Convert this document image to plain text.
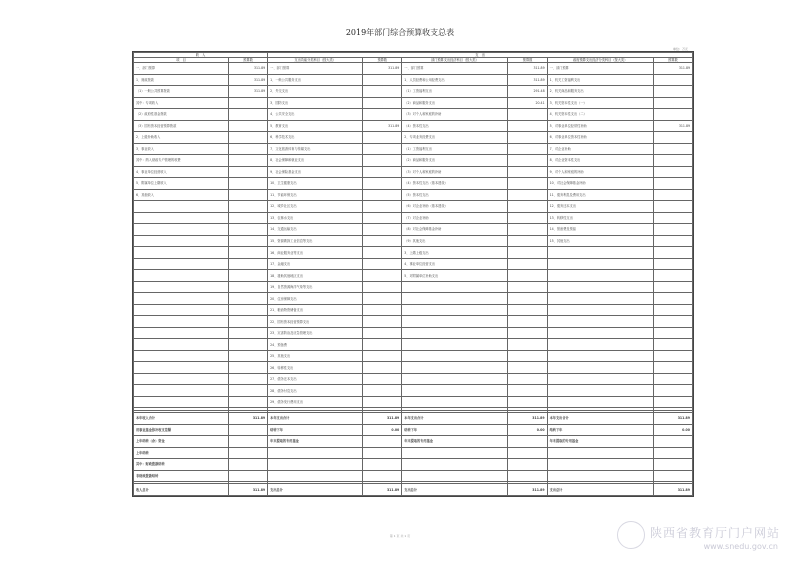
2019年部门综合预算收支总表
单位：万元
收　入		支　出					
项　目	预算数	支出功能分类科目（按大类）	预算数	部门预算支出经济科目（按大类）	预算数	政府预算支出经济分类科目（按大类）	预算数
一、部门预算	311.89	一、部门预算	311.89	一、部门预算	311.89	一、部门预算	311.89
1、财政拨款	311.89	1、一般公共服务支出		1、人员经费和公用经费支出	311.89	1、机关工资福利支出	
（1）一般公共预算拨款	311.89	2、外交支出		（1）工资福利支出	291.48	2、机关商品和服务支出	
其中：专项收入		3、国防支出		（2）商品和服务支出	20.41	3、机关资本性支出（一）	
（2）政府性基金拨款		4、公共安全支出		（3）对个人和家庭的补助		4、机关资本性支出（二）	
（3）国有资本经营预算拨款		5、教育支出	311.89	（4）资本性支出		5、对事业单位经常性补助	311.89
2、上级补助收入		6、科学技术支出		2、专项业务经费支出		6、对事业单位资本性补助	
3、事业收入		7、文化旅游体育与传媒支出		（1）工资福利支出		7、对企业补助	
其中：纳入财政专户管理的收费		8、社会保障和就业支出		（2）商品和服务支出		8、对企业资本性支出	
4、事业单位经营收入		9、社会保险基金支出		（3）对个人和家庭的补助		9、对个人和家庭的补助	
5、附属单位上缴收入		10、卫生健康支出		（4）资本性支出（基本建设）		10、对社会保障基金补助	
6、其他收入		11、节能环保支出		（5）资本性支出		11、债务利息及费用支出	
		12、城乡社区支出		（6）对企业补助（基本建设）		12、债务还本支出	
		13、农林水支出		（7）对企业补助		13、转移性支出	
		14、交通运输支出		（8）对社会保障基金补助		14、预备费及预留	
		15、资源勘探工业信息等支出		（9）其他支出		15、其他支出	
		16、商业服务业等支出		3、上缴上级支出			
		17、金融支出		4、事业单位经营支出			
		18、援助其他地区支出		5、对附属单位补助支出			
		19、自然资源海洋气象等支出					
		20、住房保障支出					
		21、粮油物资储备支出					
		22、国有资本经营预算支出					
		23、灾害防治及应急管理支出					
		24、预备费					
		25、其他支出					
		26、转移性支出					
		27、债务还本支出					
		28、债务付息支出					
		29、债务发行费用支出					

本年收入合计	311.89	本年支出合计	311.89	本年支出合计	311.89	本年支出合计	311.89
用事业基金弥补收支差额		结转下年	0.00	结转下年	0.00	结转下年	0.00
上年结转（余）资金		年末提取的专用基金		年末提取的专用基金		年末提取的专用基金	
上年结转							
其中：财政拨款结转							
非财政拨款结转							

收入总计	311.89	支出总计	311.89	支出总计	311.89	支出总计	311.89
陕西省教育厅门户网站
www.snedu.gov.cn
第 1 页 共 1 页
